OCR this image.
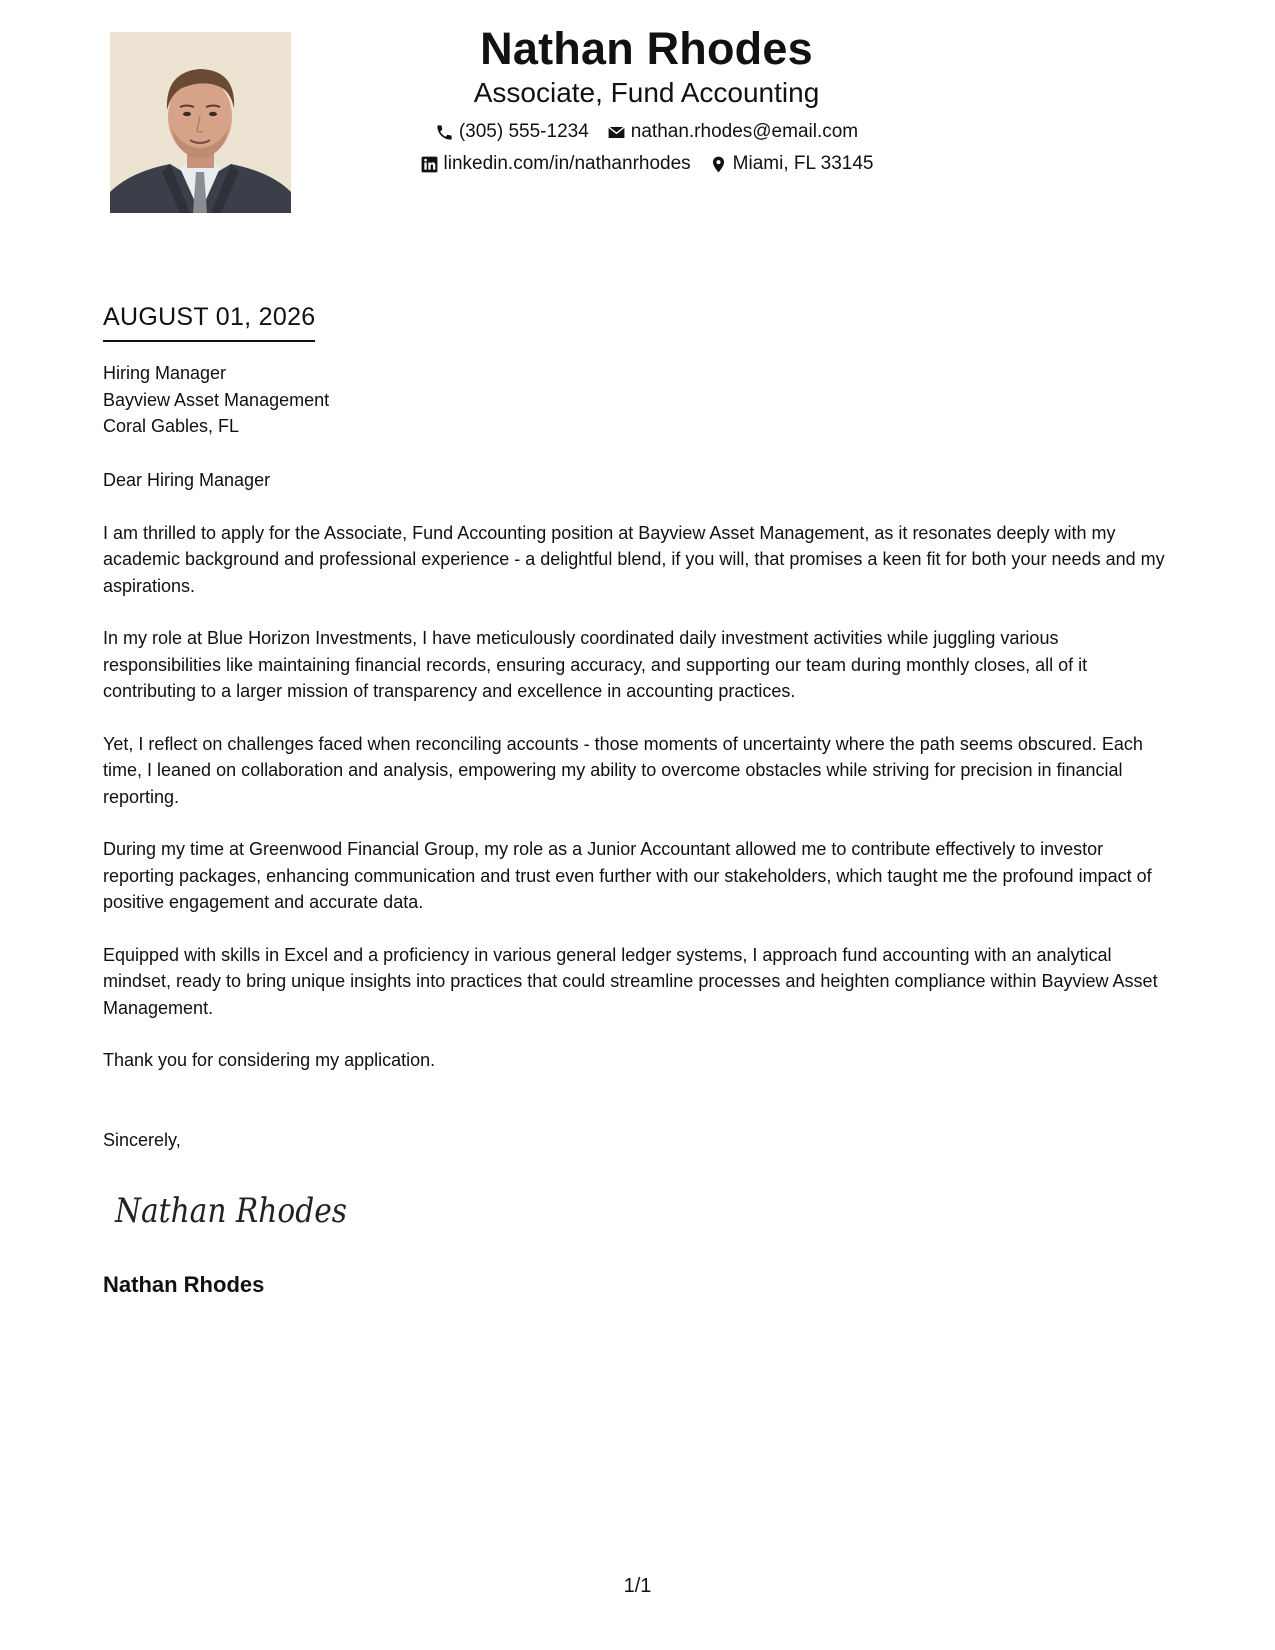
Nathan Rhodes
Associate, Fund Accounting
(305) 555-1234 nathan.rhodes@email.com
linkedin.com/in/nathanrhodes Miami, FL 33145
AUGUST 01, 2026
Hiring Manager
Bayview Asset Management
Coral Gables, FL

Dear Hiring Manager

I am thrilled to apply for the Associate, Fund Accounting position at Bayview Asset Management, as it resonates deeply with my academic background and professional experience - a delightful blend, if you will, that promises a keen fit for both your needs and my aspirations.

In my role at Blue Horizon Investments, I have meticulously coordinated daily investment activities while juggling various responsibilities like maintaining financial records, ensuring accuracy, and supporting our team during monthly closes, all of it contributing to a larger mission of transparency and excellence in accounting practices.

Yet, I reflect on challenges faced when reconciling accounts - those moments of uncertainty where the path seems obscured. Each time, I leaned on collaboration and analysis, empowering my ability to overcome obstacles while striving for precision in financial reporting.

During my time at Greenwood Financial Group, my role as a Junior Accountant allowed me to contribute effectively to investor reporting packages, enhancing communication and trust even further with our stakeholders, which taught me the profound impact of positive engagement and accurate data.

Equipped with skills in Excel and a proficiency in various general ledger systems, I approach fund accounting with an analytical mindset, ready to bring unique insights into practices that could streamline processes and heighten compliance within Bayview Asset Management.

Thank you for considering my application.

Sincerely,
Nathan Rhodes
Nathan Rhodes
1/1
